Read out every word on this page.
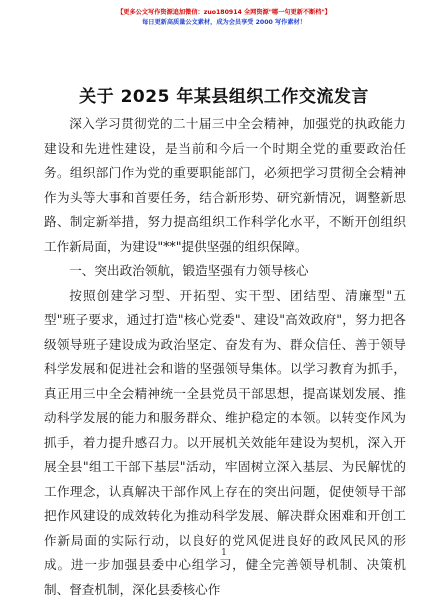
【更多公文写作资源追加微信：zuo180914 全网资源"哪一句更新不断档"】
每日更新高质量公文素材，成为会员享受 2000 写作素材！
关于 2025 年某县组织工作交流发言

深入学习贯彻党的二十届三中全会精神，加强党的执政能力建设和先进性建设，是当前和今后一个时期全党的重要政治任务。组织部门作为党的重要职能部门，必须把学习贯彻全会精神作为头等大事和首要任务，结合新形势、研究新情况，调整新思路、制定新举措，努力提高组织工作科学化水平，不断开创组织工作新局面，为建设"**"提供坚强的组织保障。

一、突出政治领航，锻造坚强有力领导核心

按照创建学习型、开拓型、实干型、团结型、清廉型"五型"班子要求，通过打造"核心党委"、建设"高效政府"，努力把各级领导班子建设成为政治坚定、奋发有为、群众信任、善于领导科学发展和促进社会和谐的坚强领导集体。以学习教育为抓手，真正用三中全会精神统一全县党员干部思想，提高谋划发展、推动科学发展的能力和服务群众、维护稳定的本领。以转变作风为抓手，着力提升感召力。以开展机关效能年建设为契机，深入开展全县"组工干部下基层"活动，牢固树立深入基层、为民解忧的工作理念，认真解决干部作风上存在的突出问题，促使领导干部把作风建设的成效转化为推动科学发展、解决群众困难和开创工作新局面的实际行动，以良好的党风促进良好的政风民风的形成。进一步加强县委中心组学习，健全完善领导机制、决策机制、督查机制，深化县委核心作

1
